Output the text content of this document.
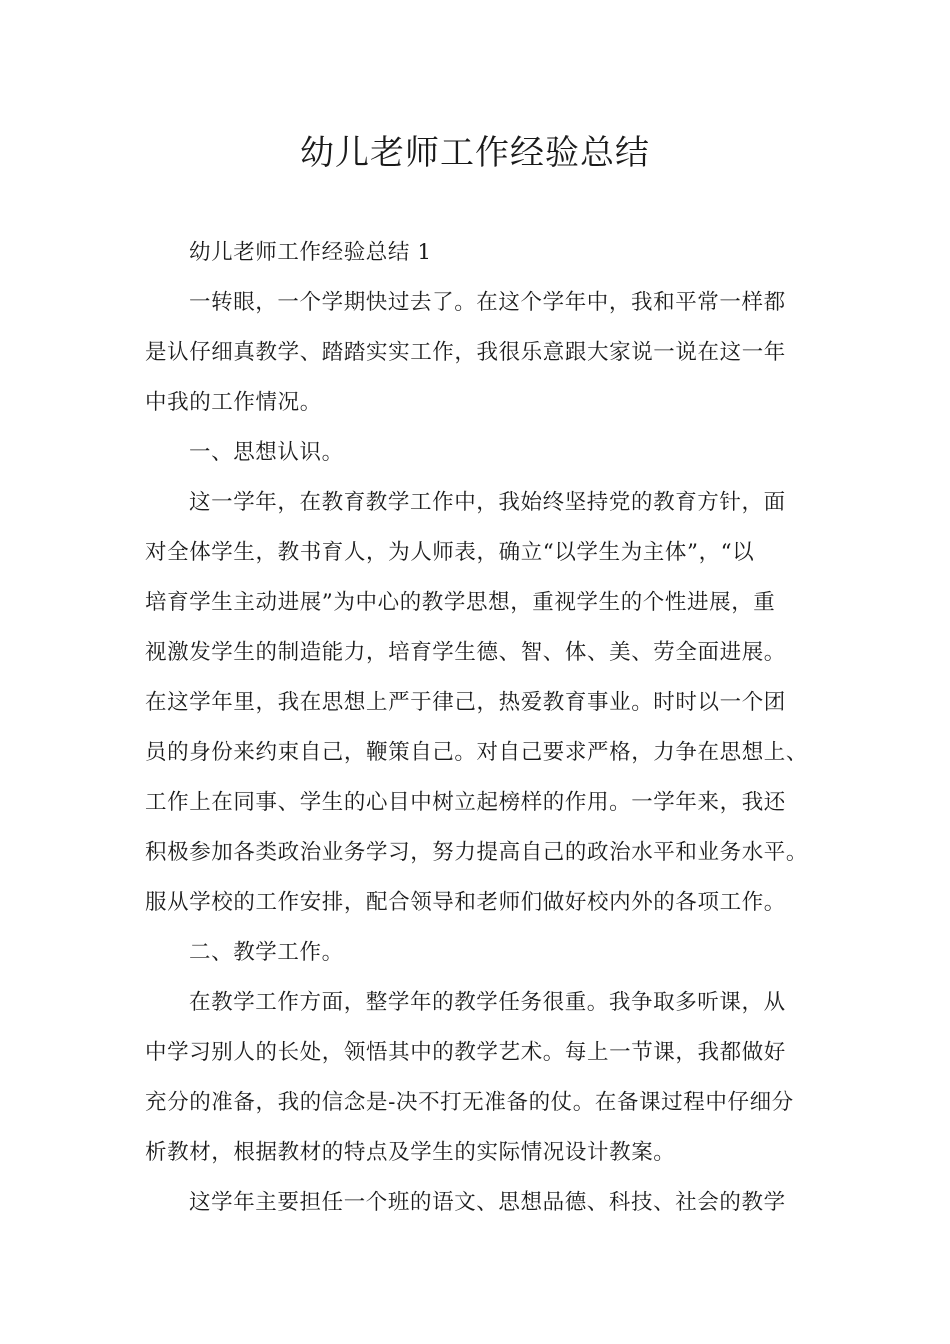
幼儿老师工作经验总结
幼儿老师工作经验总结 1
一转眼，一个学期快过去了。在这个学年中，我和平常一样都
是认仔细真教学、踏踏实实工作，我很乐意跟大家说一说在这一年
中我的工作情况。
一、思想认识。
这一学年，在教育教学工作中，我始终坚持党的教育方针，面
对全体学生，教书育人，为人师表，确立“以学生为主体”，“以
培育学生主动进展”为中心的教学思想，重视学生的个性进展，重
视激发学生的制造能力，培育学生德、智、体、美、劳全面进展。
在这学年里，我在思想上严于律己，热爱教育事业。时时以一个团
员的身份来约束自己，鞭策自己。对自己要求严格，力争在思想上、
工作上在同事、学生的心目中树立起榜样的作用。一学年来，我还
积极参加各类政治业务学习，努力提高自己的政治水平和业务水平。
服从学校的工作安排，配合领导和老师们做好校内外的各项工作。
二、教学工作。
在教学工作方面，整学年的教学任务很重。我争取多听课，从
中学习别人的长处，领悟其中的教学艺术。每上一节课，我都做好
充分的准备，我的信念是-决不打无准备的仗。在备课过程中仔细分
析教材，根据教材的特点及学生的实际情况设计教案。
这学年主要担任一个班的语文、思想品德、科技、社会的教学
